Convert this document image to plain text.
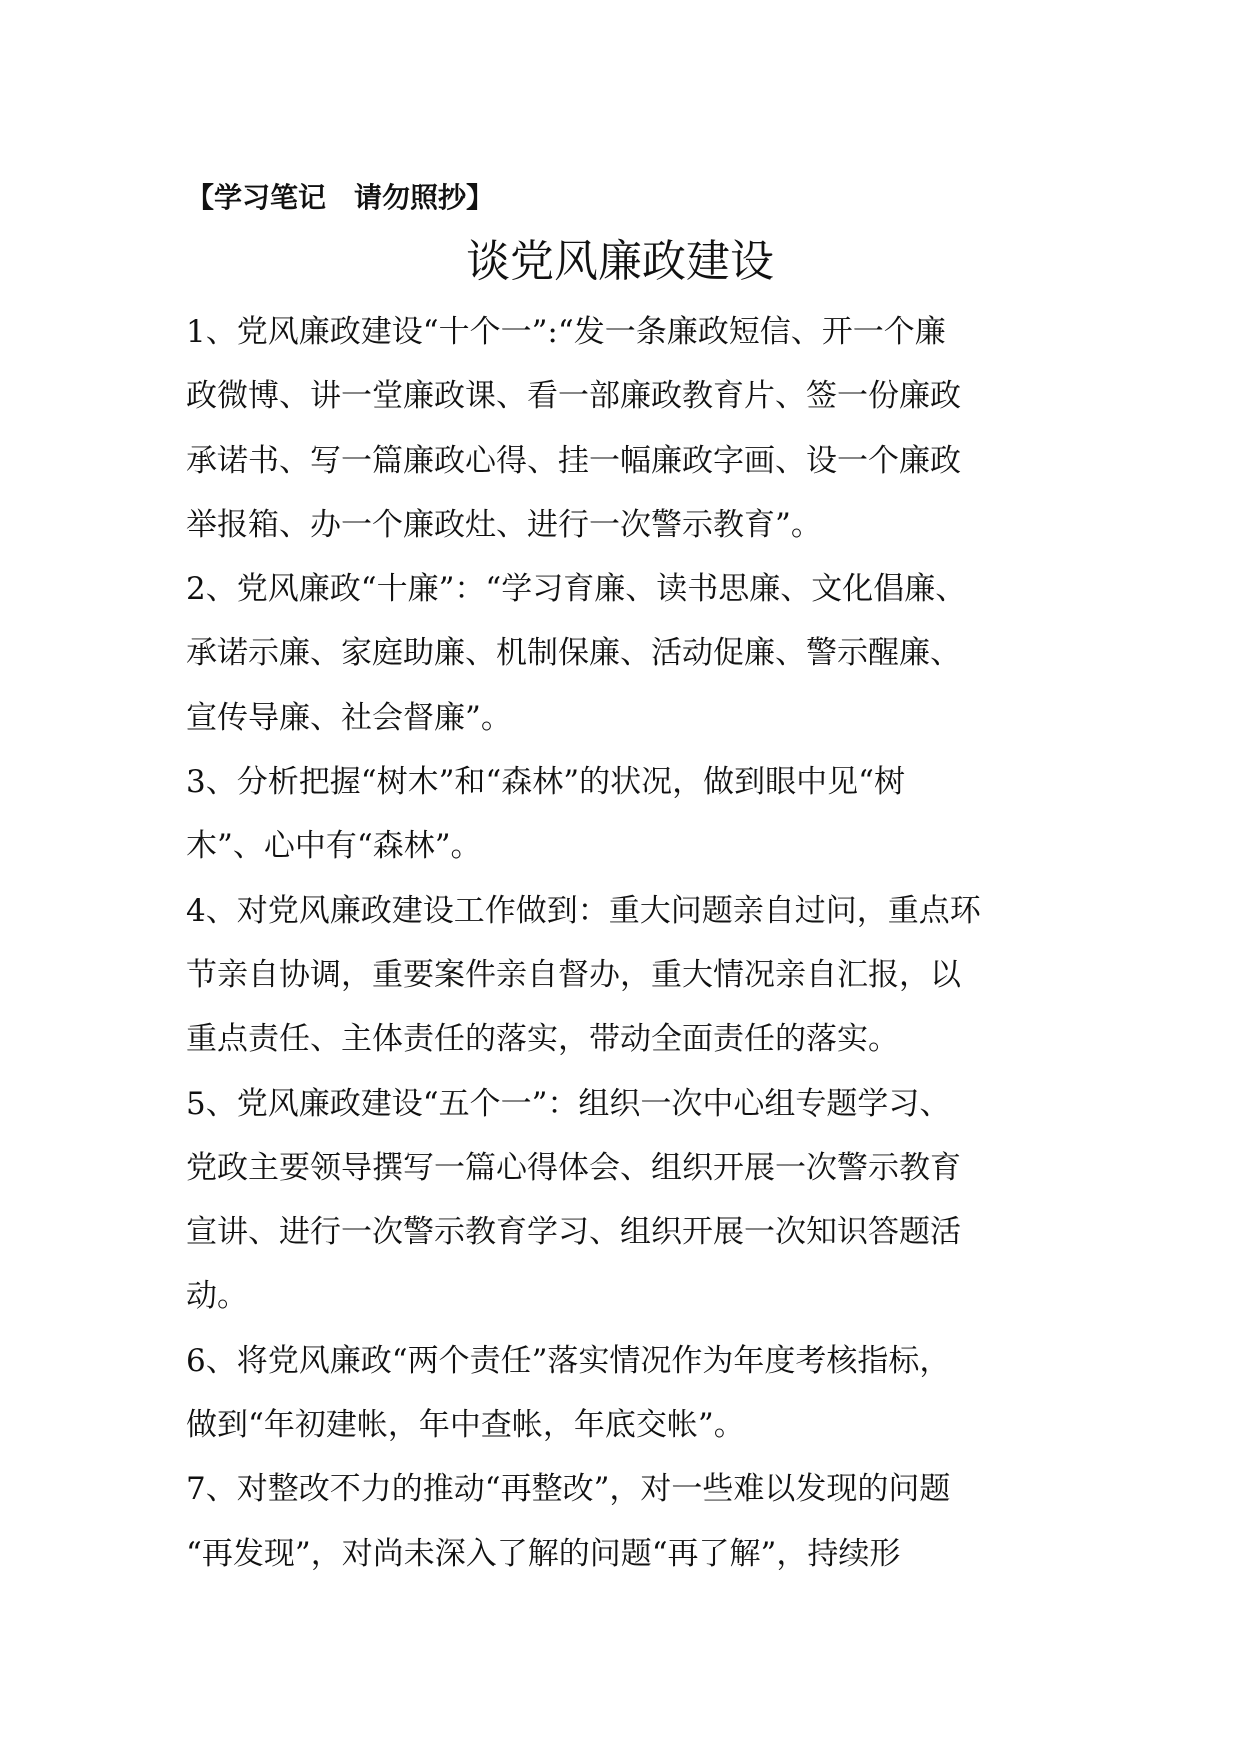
【学习笔记 请勿照抄】
谈党风廉政建设
1、党风廉政建设“十个一”:“发一条廉政短信、开一个廉
政微博、讲一堂廉政课、看一部廉政教育片、签一份廉政
承诺书、写一篇廉政心得、挂一幅廉政字画、设一个廉政
举报箱、办一个廉政灶、进行一次警示教育”。
2、党风廉政“十廉”：“学习育廉、读书思廉、文化倡廉、
承诺示廉、家庭助廉、机制保廉、活动促廉、警示醒廉、
宣传导廉、社会督廉”。
3、分析把握“树木”和“森林”的状况，做到眼中见“树
木”、心中有“森林”。
4、对党风廉政建设工作做到：重大问题亲自过问，重点环
节亲自协调，重要案件亲自督办，重大情况亲自汇报，以
重点责任、主体责任的落实，带动全面责任的落实。
5、党风廉政建设“五个一”：组织一次中心组专题学习、
党政主要领导撰写一篇心得体会、组织开展一次警示教育
宣讲、进行一次警示教育学习、组织开展一次知识答题活
动。
6、将党风廉政“两个责任”落实情况作为年度考核指标，
做到“年初建帐，年中查帐，年底交帐”。
7、对整改不力的推动“再整改”，对一些难以发现的问题
“再发现”，对尚未深入了解的问题“再了解”，持续形
